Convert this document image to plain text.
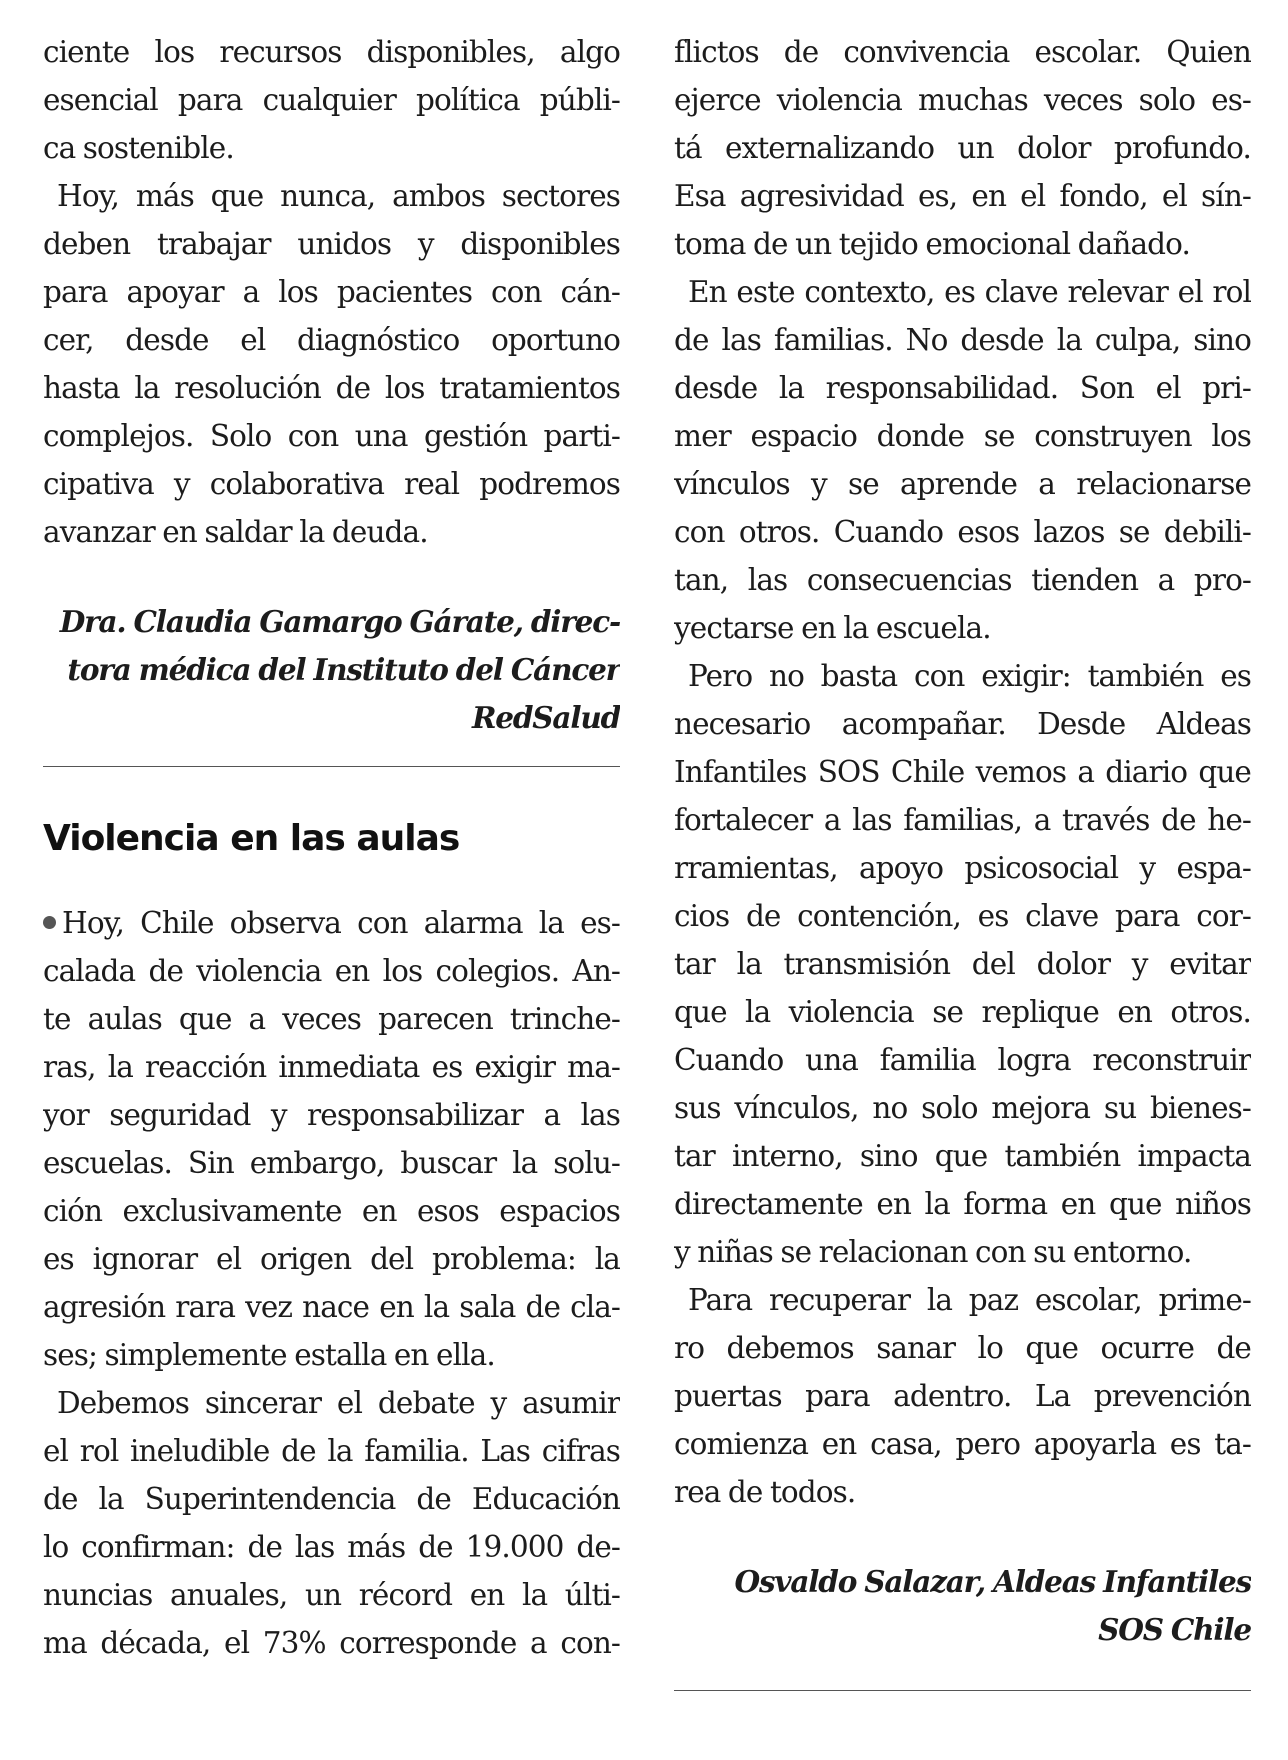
ciente los recursos disponibles, algo
esencial para cualquier política públi-
ca sostenible.
Hoy, más que nunca, ambos sectores
deben trabajar unidos y disponibles
para apoyar a los pacientes con cán-
cer, desde el diagnóstico oportuno
hasta la resolución de los tratamientos
complejos. Solo con una gestión parti-
cipativa y colaborativa real podremos
avanzar en saldar la deuda.
Dra. Claudia Gamargo Gárate, direc-
tora médica del Instituto del Cáncer
RedSalud
Violencia en las aulas
Hoy, Chile observa con alarma la es-
calada de violencia en los colegios. An-
te aulas que a veces parecen trinche-
ras, la reacción inmediata es exigir ma-
yor seguridad y responsabilizar a las
escuelas. Sin embargo, buscar la solu-
ción exclusivamente en esos espacios
es ignorar el origen del problema: la
agresión rara vez nace en la sala de cla-
ses; simplemente estalla en ella.
Debemos sincerar el debate y asumir
el rol ineludible de la familia. Las cifras
de la Superintendencia de Educación
lo confirman: de las más de 19.000 de-
nuncias anuales, un récord en la últi-
ma década, el 73% corresponde a con-
flictos de convivencia escolar. Quien
ejerce violencia muchas veces solo es-
tá externalizando un dolor profundo.
Esa agresividad es, en el fondo, el sín-
toma de un tejido emocional dañado.
En este contexto, es clave relevar el rol
de las familias. No desde la culpa, sino
desde la responsabilidad. Son el pri-
mer espacio donde se construyen los
vínculos y se aprende a relacionarse
con otros. Cuando esos lazos se debili-
tan, las consecuencias tienden a pro-
yectarse en la escuela.
Pero no basta con exigir: también es
necesario acompañar. Desde Aldeas
Infantiles SOS Chile vemos a diario que
fortalecer a las familias, a través de he-
rramientas, apoyo psicosocial y espa-
cios de contención, es clave para cor-
tar la transmisión del dolor y evitar
que la violencia se replique en otros.
Cuando una familia logra reconstruir
sus vínculos, no solo mejora su bienes-
tar interno, sino que también impacta
directamente en la forma en que niños
y niñas se relacionan con su entorno.
Para recuperar la paz escolar, prime-
ro debemos sanar lo que ocurre de
puertas para adentro. La prevención
comienza en casa, pero apoyarla es ta-
rea de todos.
Osvaldo Salazar, Aldeas Infantiles
SOS Chile
